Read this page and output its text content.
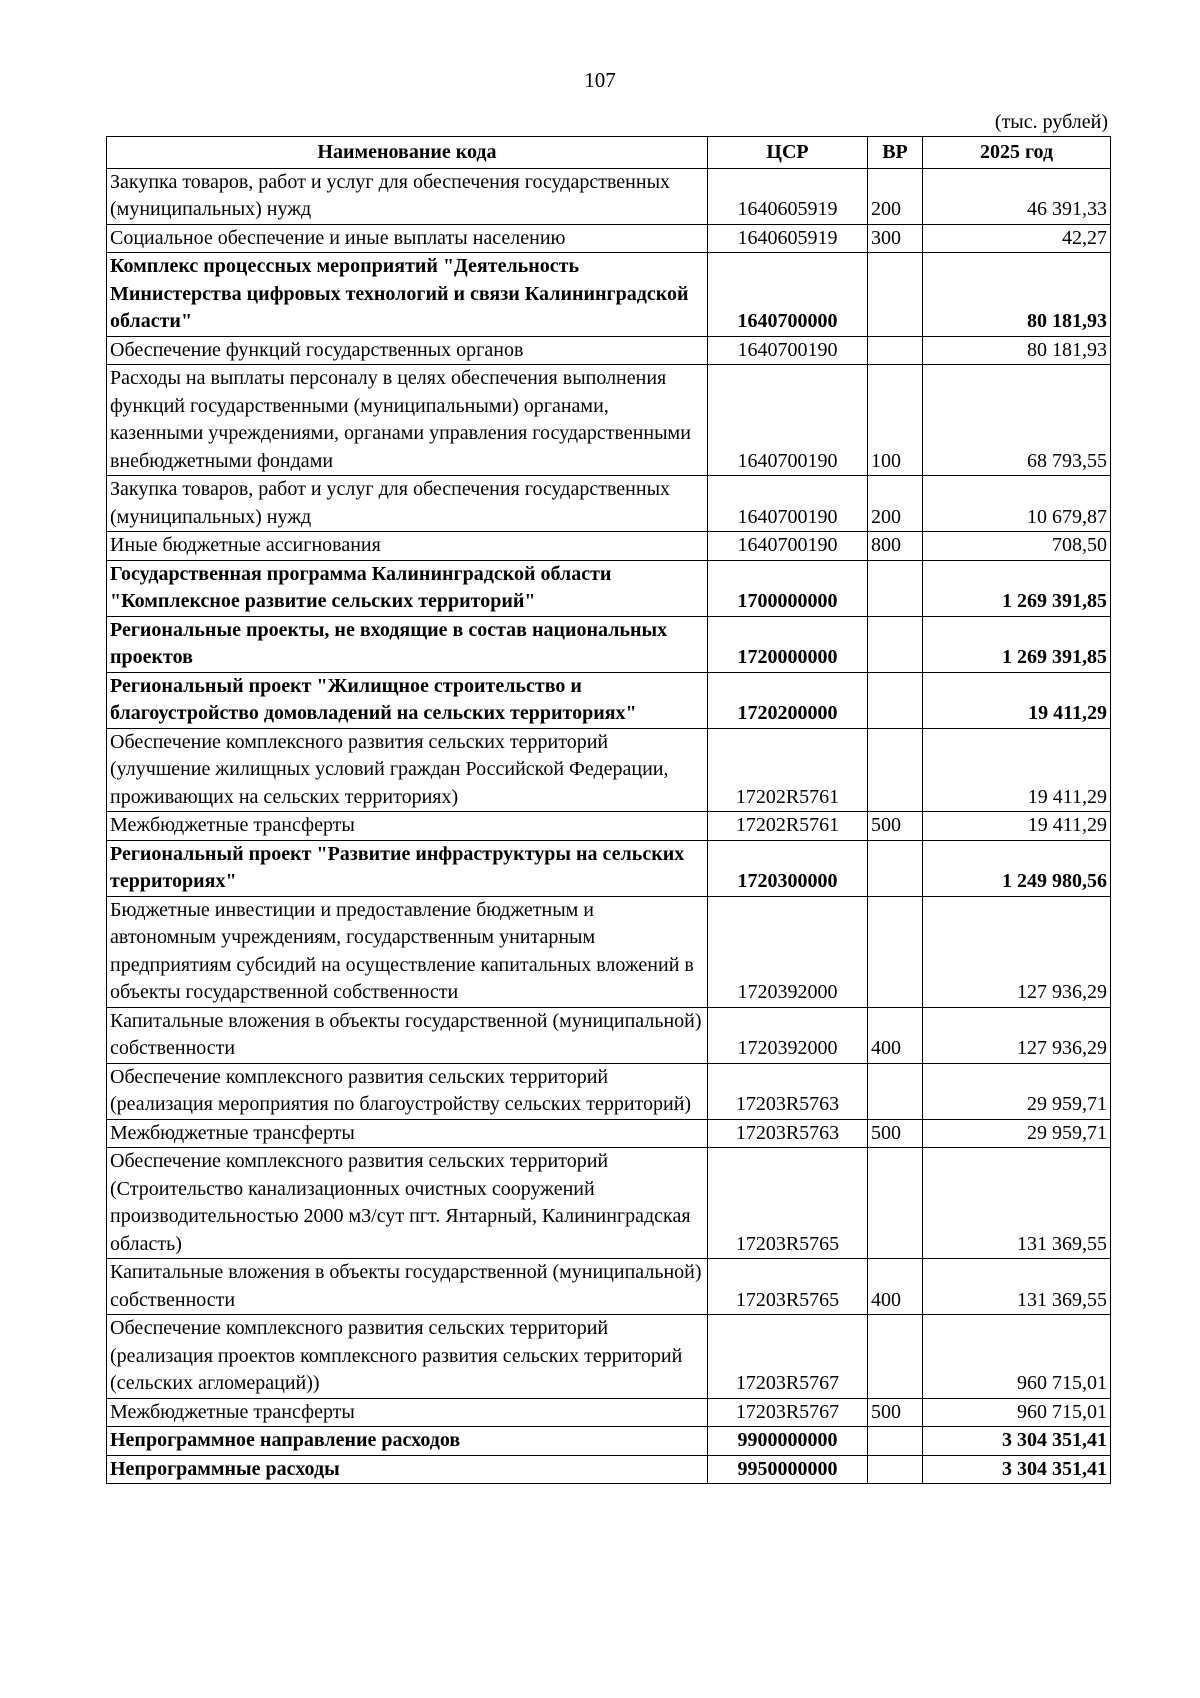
107
(тыс. рублей)
Наименование кода	ЦСР	ВР	2025 год
Закупка товаров, работ и услуг для обеспечения государственных (муниципальных) нужд	1640605919	200	46 391,33
Социальное обеспечение и иные выплаты населению	1640605919	300	42,27
Комплекс процессных мероприятий "Деятельность Министерства цифровых технологий и связи Калининградской области"	1640700000		80 181,93
Обеспечение функций государственных органов	1640700190		80 181,93
Расходы на выплаты персоналу в целях обеспечения выполнения функций государственными (муниципальными) органами, казенными учреждениями, органами управления государственными внебюджетными фондами	1640700190	100	68 793,55
Закупка товаров, работ и услуг для обеспечения государственных (муниципальных) нужд	1640700190	200	10 679,87
Иные бюджетные ассигнования	1640700190	800	708,50
Государственная программа Калининградской области "Комплексное развитие сельских территорий"	1700000000		1 269 391,85
Региональные проекты, не входящие в состав национальных проектов	1720000000		1 269 391,85
Региональный проект "Жилищное строительство и благоустройство домовладений на сельских территориях"	1720200000		19 411,29
Обеспечение комплексного развития сельских территорий (улучшение жилищных условий граждан Российской Федерации, проживающих на сельских территориях)	17202R5761		19 411,29
Межбюджетные трансферты	17202R5761	500	19 411,29
Региональный проект "Развитие инфраструктуры на сельских территориях"	1720300000		1 249 980,56
Бюджетные инвестиции и предоставление бюджетным и автономным учреждениям, государственным унитарным предприятиям субсидий на осуществление капитальных вложений в объекты государственной собственности	1720392000		127 936,29
Капитальные вложения в объекты государственной (муниципальной) собственности	1720392000	400	127 936,29
Обеспечение комплексного развития сельских территорий (реализация мероприятия по благоустройству сельских территорий)	17203R5763		29 959,71
Межбюджетные трансферты	17203R5763	500	29 959,71
Обеспечение комплексного развития сельских территорий (Строительство канализационных очистных сооружений производительностью 2000 м3/сут пгт. Янтарный, Калининградская область)	17203R5765		131 369,55
Капитальные вложения в объекты государственной (муниципальной) собственности	17203R5765	400	131 369,55
Обеспечение комплексного развития сельских территорий (реализация проектов комплексного развития сельских территорий (сельских агломераций))	17203R5767		960 715,01
Межбюджетные трансферты	17203R5767	500	960 715,01
Непрограммное направление расходов	9900000000		3 304 351,41
Непрограммные расходы	9950000000		3 304 351,41
